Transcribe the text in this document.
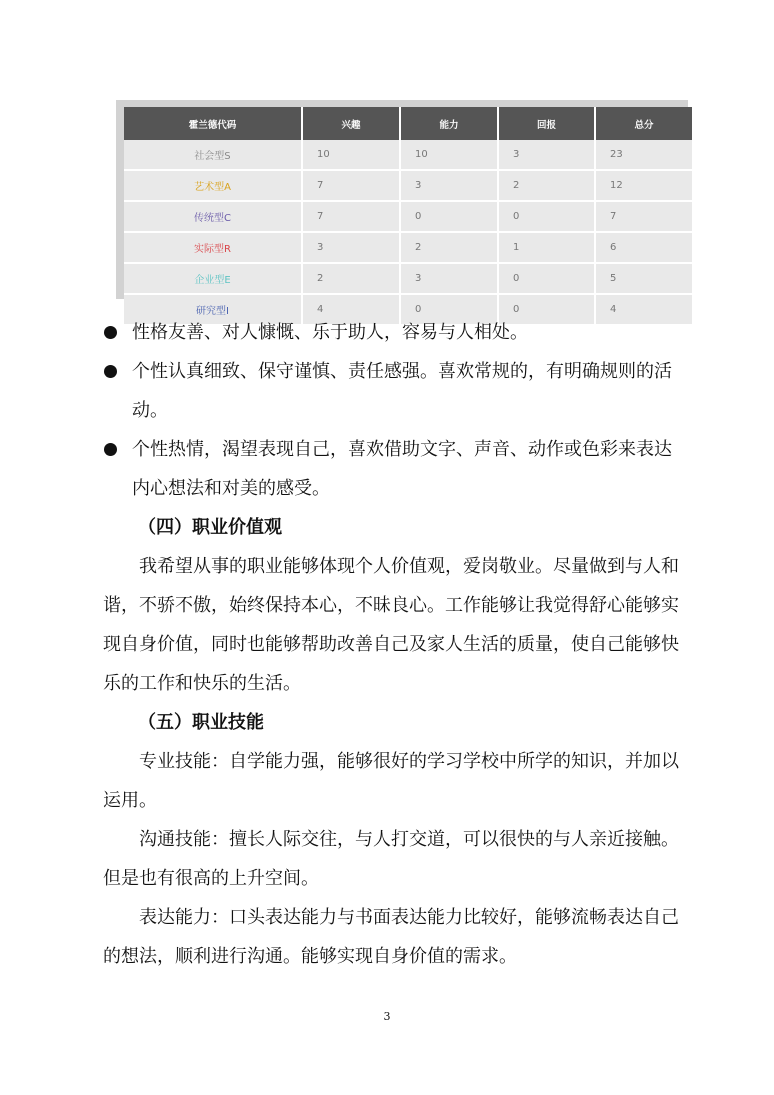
霍兰德代码	兴趣	能力	回报	总分
社会型S	10	10	3	23
艺术型A	7	3	2	12
传统型C	7	0	0	7
实际型R	3	2	1	6
企业型E	2	3	0	5
研究型I	4	0	0	4
性格友善、对人慷慨、乐于助人，容易与人相处。
个性认真细致、保守谨慎、责任感强。喜欢常规的，有明确规则的活动。
个性热情，渴望表现自己，喜欢借助文字、声音、动作或色彩来表达内心想法和对美的感受。
（四）职业价值观
我希望从事的职业能够体现个人价值观，爱岗敬业。尽量做到与人和谐，不骄不傲，始终保持本心，不昧良心。工作能够让我觉得舒心能够实现自身价值，同时也能够帮助改善自己及家人生活的质量，使自己能够快乐的工作和快乐的生活。
（五）职业技能
专业技能：自学能力强，能够很好的学习学校中所学的知识，并加以运用。
沟通技能：擅长人际交往，与人打交道，可以很快的与人亲近接触。但是也有很高的上升空间。
表达能力：口头表达能力与书面表达能力比较好，能够流畅表达自己的想法，顺利进行沟通。能够实现自身价值的需求。
3
